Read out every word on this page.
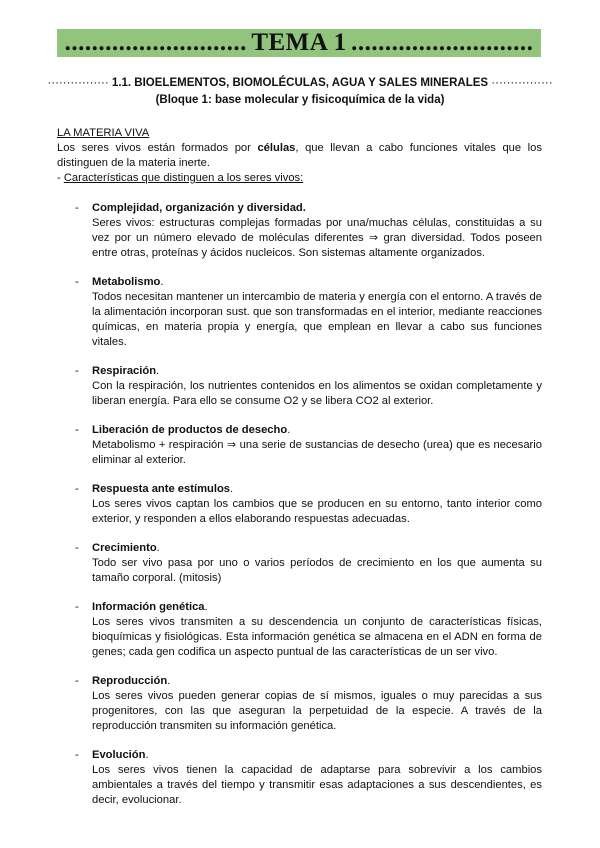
........................... TEMA 1 ...........................
················ 1.1. BIOELEMENTOS, BIOMOLÉCULAS, AGUA Y SALES MINERALES ················
(Bloque 1: base molecular y fisicoquímica de la vida)

LA MATERIA VIVA

Los seres vivos están formados por células, que llevan a cabo funciones vitales que los distinguen de la materia inerte.

- Características que distinguen a los seres vivos:

- Complejidad, organización y diversidad.

Seres vivos: estructuras complejas formadas por una/muchas células, constituidas a su vez por un número elevado de moléculas diferentes ⇒ gran diversidad. Todos poseen entre otras, proteínas y ácidos nucleicos. Son sistemas altamente organizados.

- Metabolismo.

Todos necesitan mantener un intercambio de materia y energía con el entorno. A través de la alimentación incorporan sust. que son transformadas en el interior, mediante reacciones químicas, en materia propia y energía, que emplean en llevar a cabo sus funciones vitales.

- Respiración.

Con la respiración, los nutrientes contenidos en los alimentos se oxidan completamente y liberan energía. Para ello se consume O2 y se libera CO2 al exterior.

- Liberación de productos de desecho.

Metabolismo + respiración ⇒ una serie de sustancias de desecho (urea) que es necesario eliminar al exterior.

- Respuesta ante estímulos.

Los seres vivos captan los cambios que se producen en su entorno, tanto interior como exterior, y responden a ellos elaborando respuestas adecuadas.

- Crecimiento.

Todo ser vivo pasa por uno o varios períodos de crecimiento en los que aumenta su tamaño corporal. (mitosis)

- Información genética.

Los seres vivos transmiten a su descendencia un conjunto de características físicas, bioquímicas y fisiológicas. Esta información genética se almacena en el ADN en forma de genes; cada gen codifica un aspecto puntual de las características de un ser vivo.

- Reproducción.

Los seres vivos pueden generar copias de sí mismos, iguales o muy parecidas a sus progenitores, con las que aseguran la perpetuidad de la especie. A través de la reproducción transmiten su información genética.

- Evolución.

Los seres vivos tienen la capacidad de adaptarse para sobrevivir a los cambios ambientales a través del tiempo y transmitir esas adaptaciones a sus descendientes, es decir, evolucionar.
